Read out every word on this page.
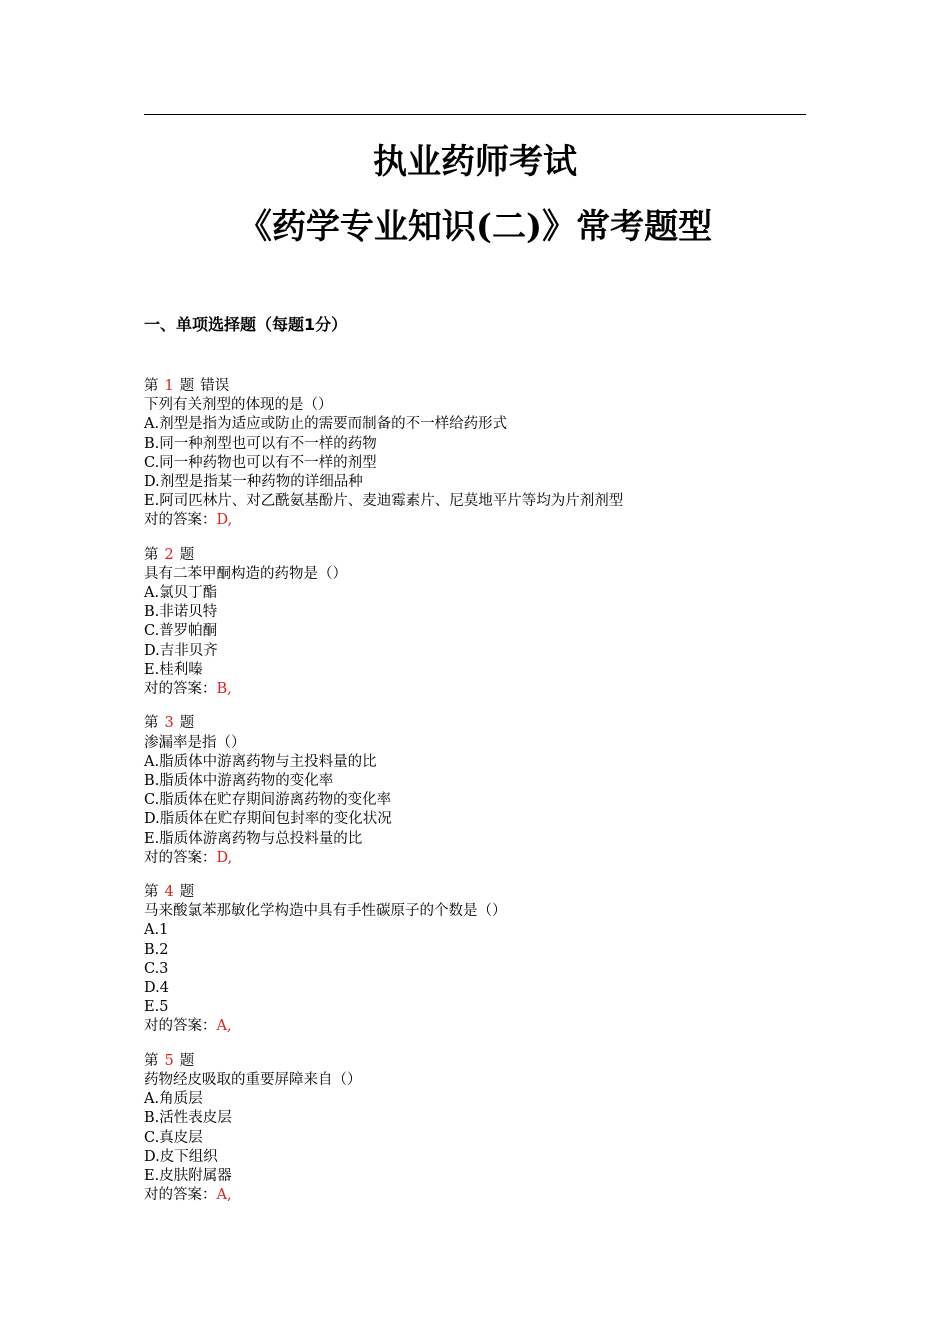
执业药师考试
《药学专业知识(二)》常考题型
一、单项选择题（每题1分）
第 1 题 错误
下列有关剂型的体现的是（）
A.剂型是指为适应或防止的需要而制备的不一样给药形式
B.同一种剂型也可以有不一样的药物
C.同一种药物也可以有不一样的剂型
D.剂型是指某一种药物的详细品种
E.阿司匹林片、对乙酰氨基酚片、麦迪霉素片、尼莫地平片等均为片剂剂型
对的答案：D,
第 2 题
具有二苯甲酮构造的药物是（）
A.氯贝丁酯
B.非诺贝特
C.普罗帕酮
D.吉非贝齐
E.桂利嗪
对的答案：B,
第 3 题
渗漏率是指（）
A.脂质体中游离药物与主投料量的比
B.脂质体中游离药物的变化率
C.脂质体在贮存期间游离药物的变化率
D.脂质体在贮存期间包封率的变化状况
E.脂质体游离药物与总投料量的比
对的答案：D,
第 4 题
马来酸氯苯那敏化学构造中具有手性碳原子的个数是（）
A.1
B.2
C.3
D.4
E.5
对的答案：A,
第 5 题
药物经皮吸取的重要屏障来自（）
A.角质层
B.活性表皮层
C.真皮层
D.皮下组织
E.皮肤附属器
对的答案：A,
